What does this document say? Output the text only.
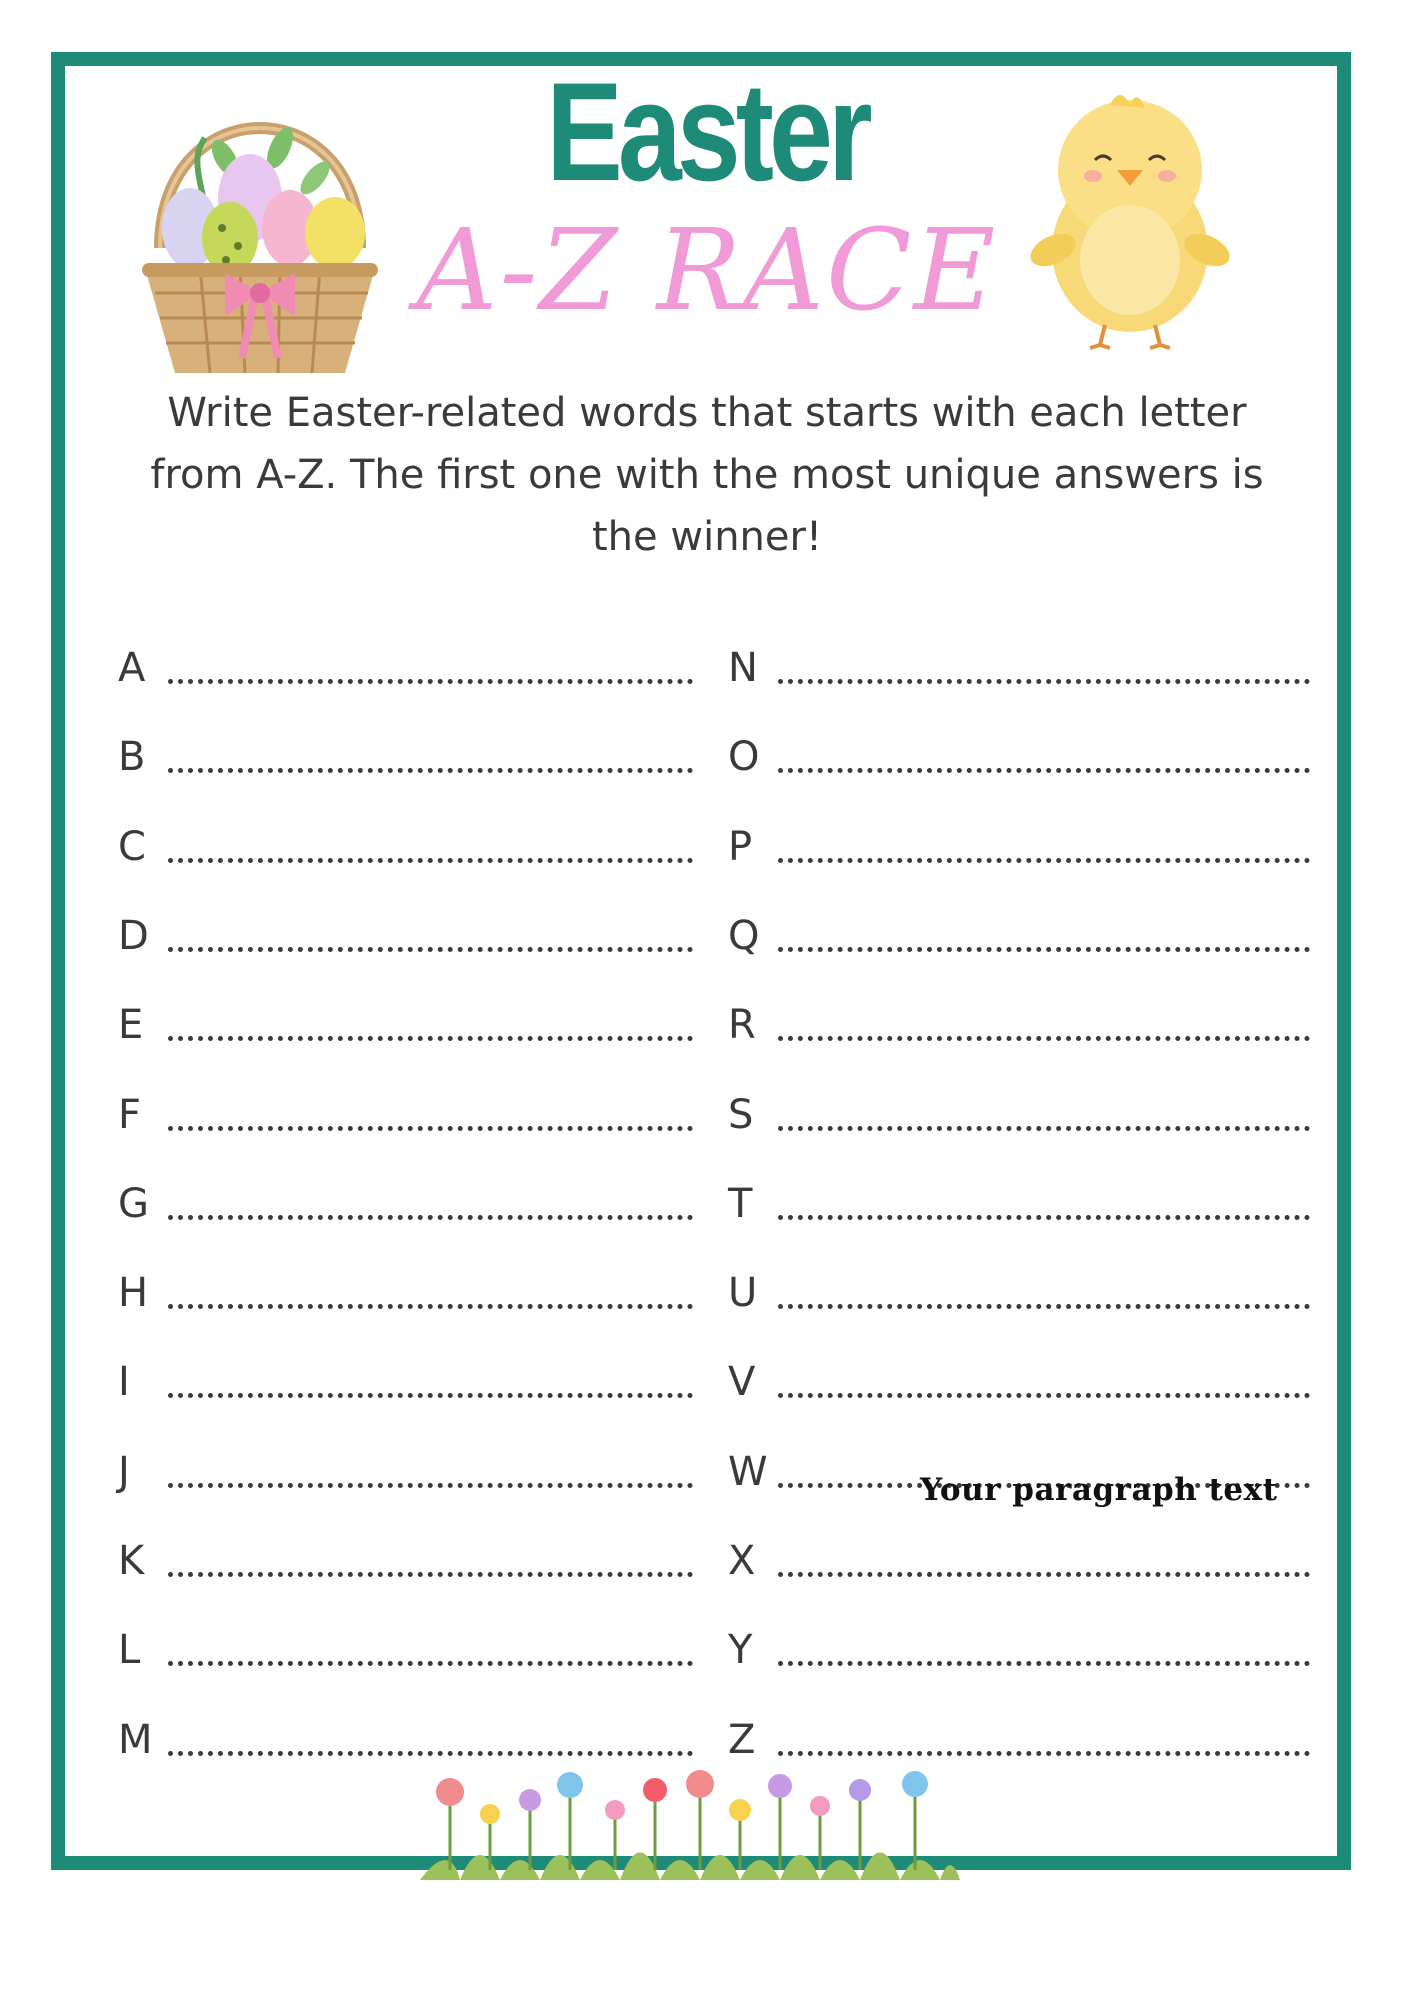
Easter
A-Z RACE
Write Easter-related words that starts with each letter from A-Z. The first one with the most unique answers is the winner!
A
B
C
D
E
F
G
H
I
J
K
L
M
N
O
P
Q
R
S
T
U
V
W
X
Y
Z
Your paragraph text
